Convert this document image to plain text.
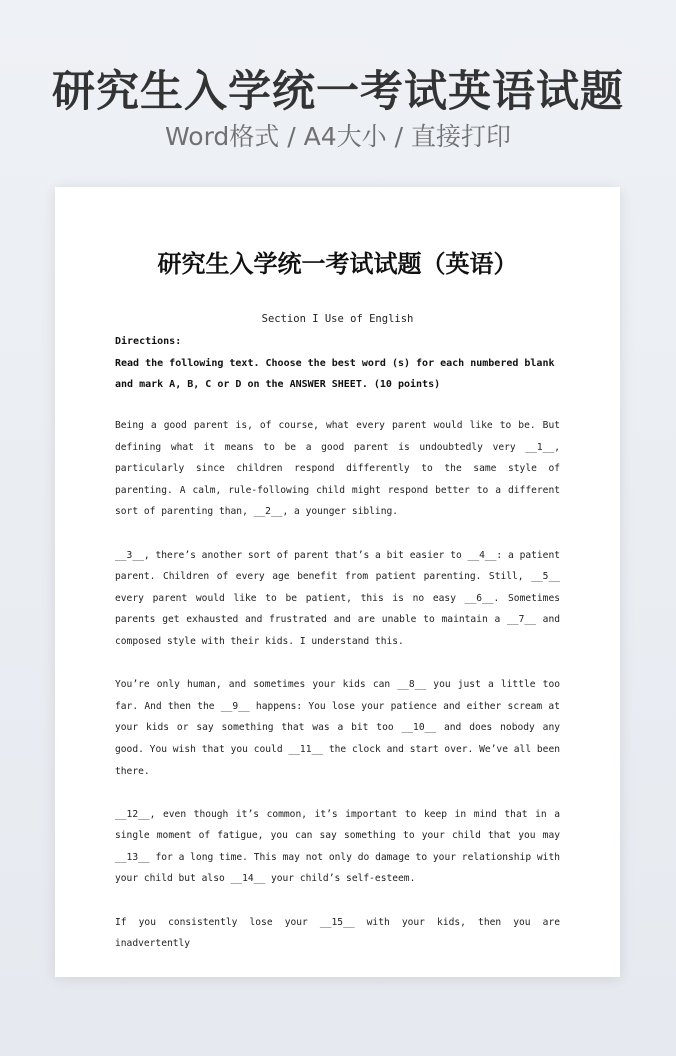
研究生入学统一考试英语试题
Word格式 / A4大小 / 直接打印
研究生入学统一考试试题（英语）
Section I Use of English

Directions:

Read the following text. Choose the best word (s) for each numbered blank and mark A, B, C or D on the ANSWER SHEET. (10 points)

Being a good parent is, of course, what every parent would like to be. But defining what it means to be a good parent is undoubtedly very __1__, particularly since children respond differently to the same style of parenting. A calm, rule-following child might respond better to a different sort of parenting than, __2__, a younger sibling.

__3__, there’s another sort of parent that’s a bit easier to __4__: a patient parent. Children of every age benefit from patient parenting. Still, __5__ every parent would like to be patient, this is no easy __6__. Sometimes parents get exhausted and frustrated and are unable to maintain a __7__ and composed style with their kids. I understand this.

You’re only human, and sometimes your kids can __8__ you just a little too far. And then the __9__ happens: You lose your patience and either scream at your kids or say something that was a bit too __10__ and does nobody any good. You wish that you could __11__ the clock and start over. We’ve all been there.

__12__, even though it’s common, it’s important to keep in mind that in a single moment of fatigue, you can say something to your child that you may __13__ for a long time. This may not only do damage to your relationship with your child but also __14__ your child’s self-esteem.

If you consistently lose your __15__ with your kids, then you are inadvertently
